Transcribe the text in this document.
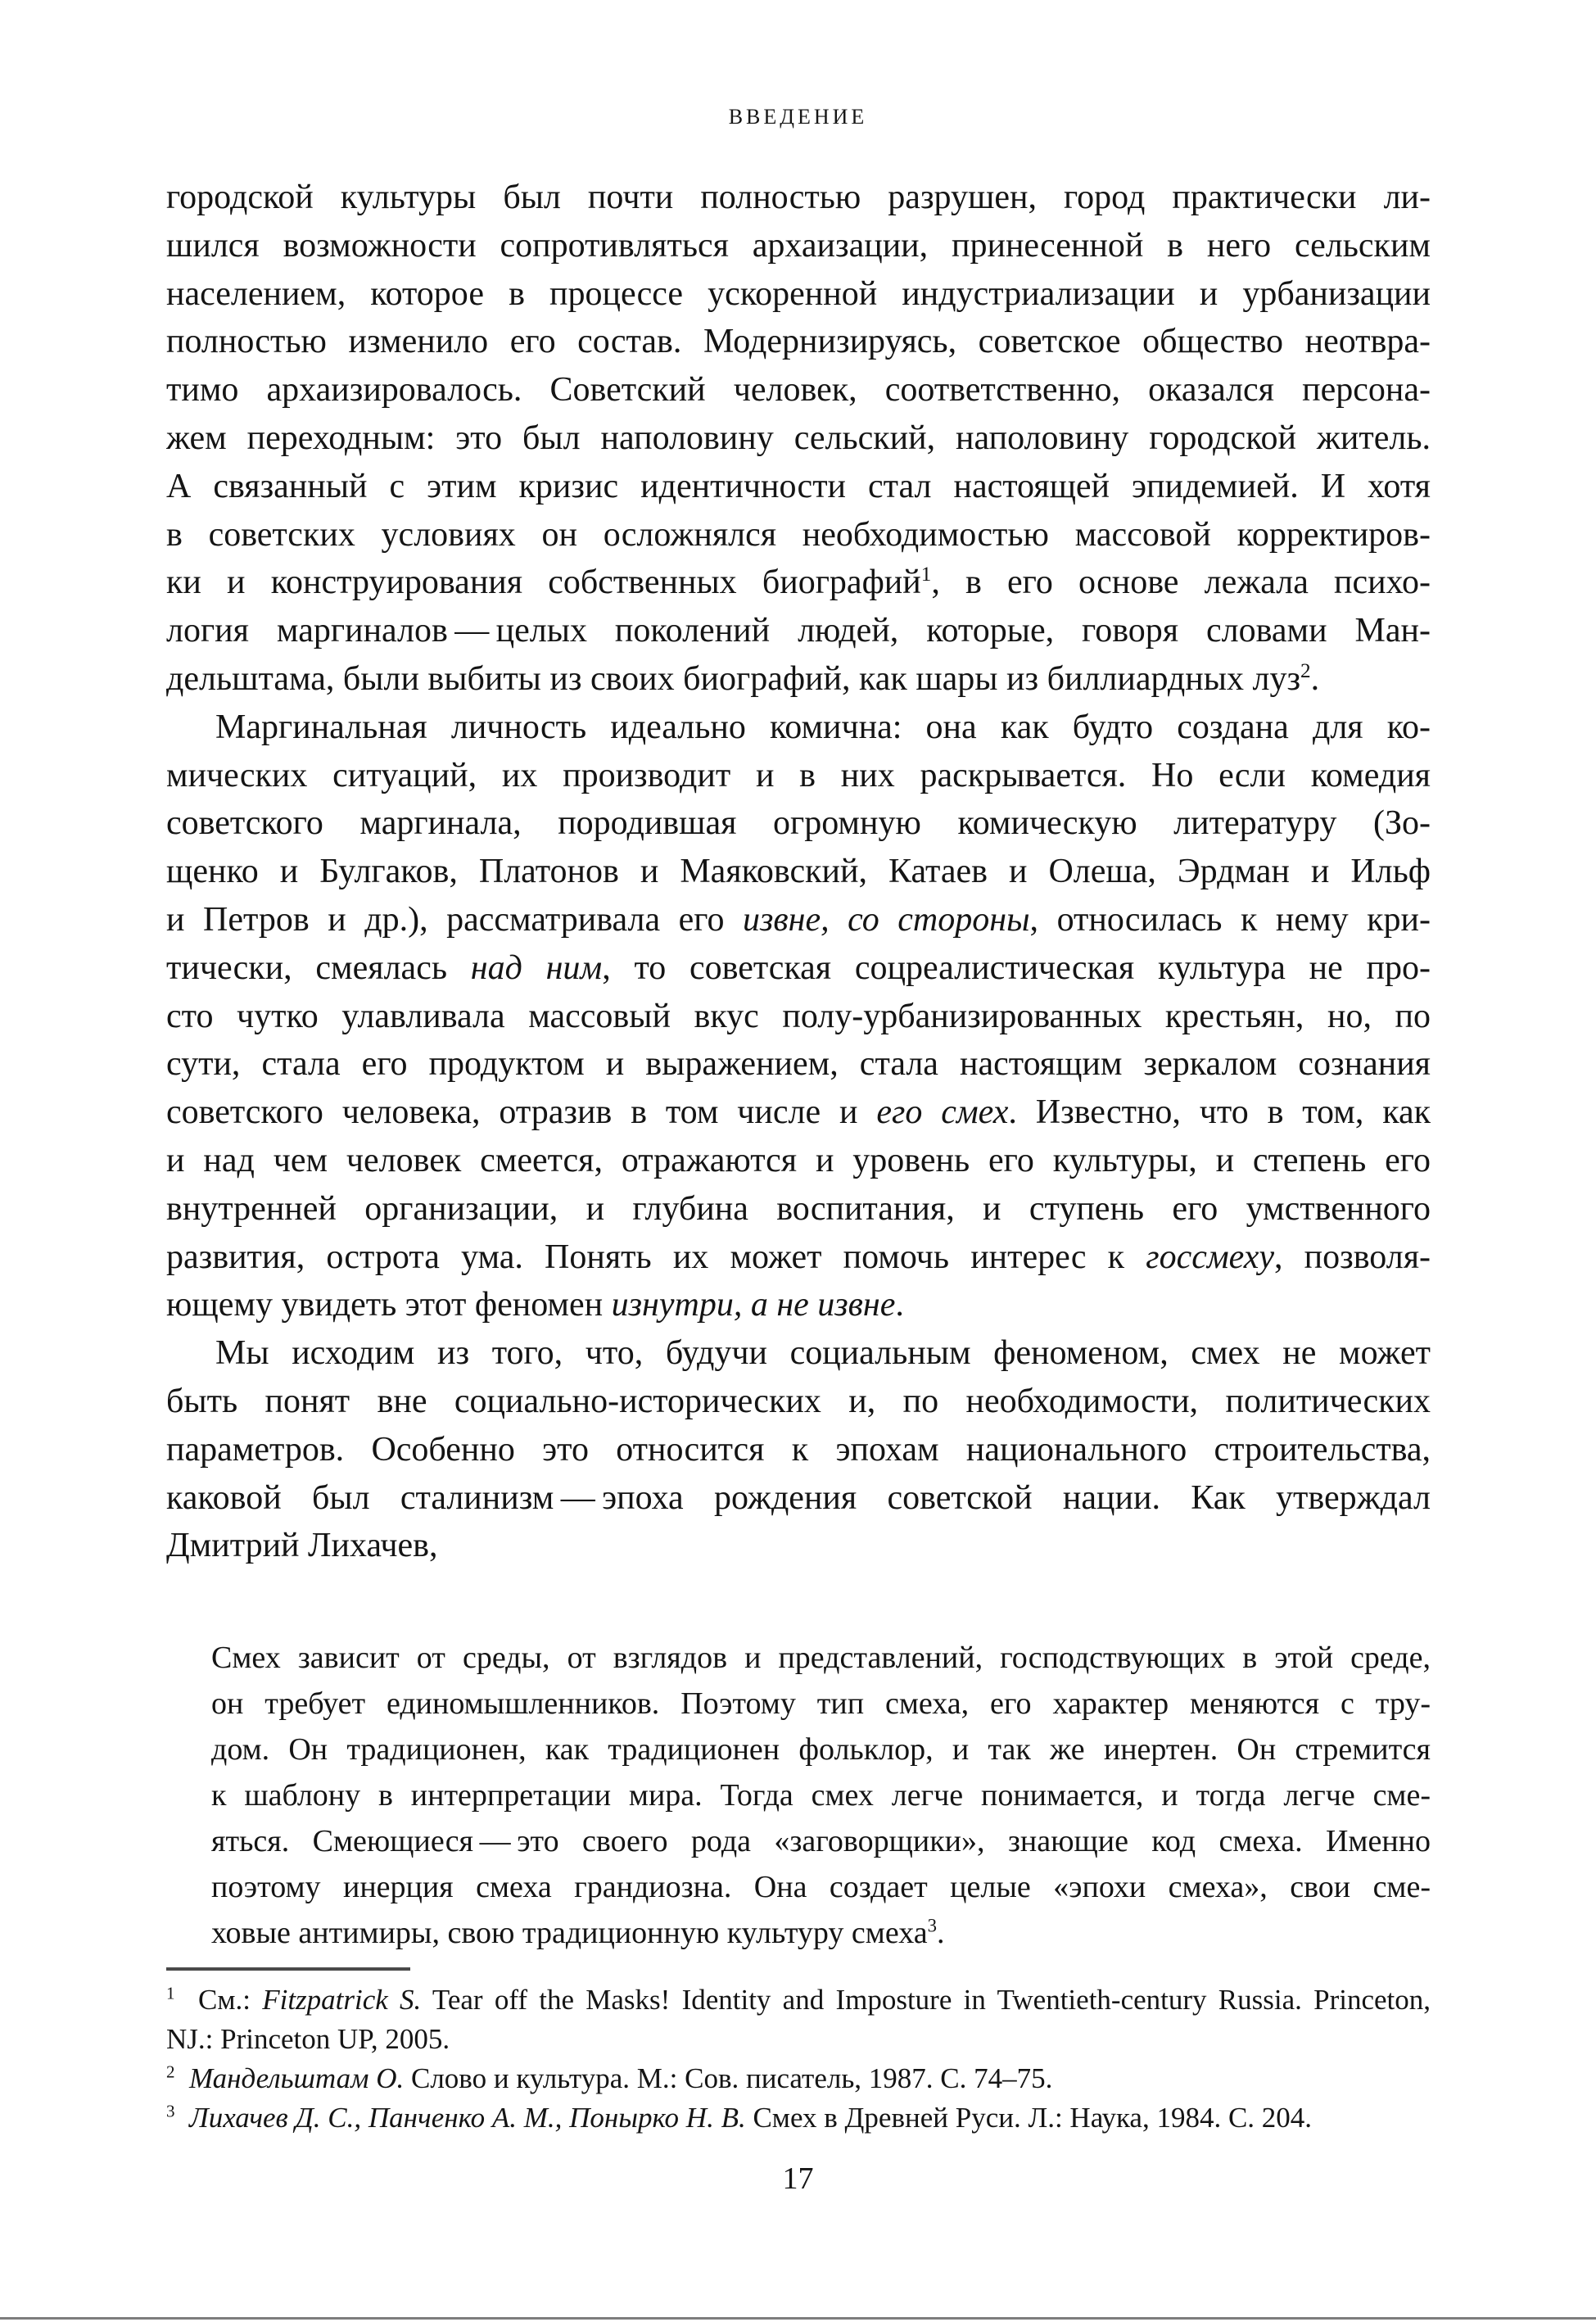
ВВЕДЕНИЕ
городской культуры был почти полностью разрушен, город практически ли-
шился возможности сопротивляться архаизации, принесенной в него сельским
населением, которое в процессе ускоренной индустриализации и урбанизации
полностью изменило его состав. Модернизируясь, советское общество неотвра-
тимо архаизировалось. Советский человек, соответственно, оказался персона-
жем переходным: это был наполовину сельский, наполовину городской житель.
А связанный с этим кризис идентичности стал настоящей эпидемией. И хотя
в советских условиях он осложнялся необходимостью массовой корректиров-
ки и конструирования собственных биографий$^1$, в его основе лежала психо-
логия маргиналов — целых поколений людей, которые, говоря словами Ман-
дельштама, были выбиты из своих биографий, как шары из биллиардных луз$^2$.
Маргинальная личность идеально комична: она как будто создана для ко-
мических ситуаций, их производит и в них раскрывается. Но если комедия
советского маргинала, породившая огромную комическую литературу (Зо-
щенко и Булгаков, Платонов и Маяковский, Катаев и Олеша, Эрдман и Ильф
и Петров и др.), рассматривала его извне, со стороны, относилась к нему кри-
тически, смеялась над ним, то советская соцреалистическая культура не про-
сто чутко улавливала массовый вкус полу-урбанизированных крестьян, но, по
сути, стала его продуктом и выражением, стала настоящим зеркалом сознания
советского человека, отразив в том числе и его смех. Известно, что в том, как
и над чем человек смеется, отражаются и уровень его культуры, и степень его
внутренней организации, и глубина воспитания, и ступень его умственного
развития, острота ума. Понять их может помочь интерес к госсмеху, позволя-
ющему увидеть этот феномен изнутри, а не извне.
Мы исходим из того, что, будучи социальным феноменом, смех не может
быть понят вне социально-исторических и, по необходимости, политических
параметров. Особенно это относится к эпохам национального строительства,
каковой был сталинизм — эпоха рождения советской нации. Как утверждал
Дмитрий Лихачев,
Смех зависит от среды, от взглядов и представлений, господствующих в этой среде,
он требует единомышленников. Поэтому тип смеха, его характер меняются с тру-
дом. Он традиционен, как традиционен фольклор, и так же инертен. Он стремится
к шаблону в интерпретации мира. Тогда смех легче понимается, и тогда легче сме-
яться. Смеющиеся — это своего рода «заговорщики», знающие код смеха. Именно
поэтому инерция смеха грандиозна. Она создает целые «эпохи смеха», свои сме-
ховые антимиры, свою традиционную культуру смеха$^3$.
$^1$  См.: Fitzpatrick S. Tear off the Masks! Identity and Imposture in Twentieth-century Russia. Princeton,
NJ.: Princeton UP, 2005.
$^2$ Мандельштам О. Слово и культура. М.: Сов. писатель, 1987. С. 74–75.
$^3$ Лихачев Д. С., Панченко А. М., Понырко Н. В. Смех в Древней Руси. Л.: Наука, 1984. С. 204.
17
